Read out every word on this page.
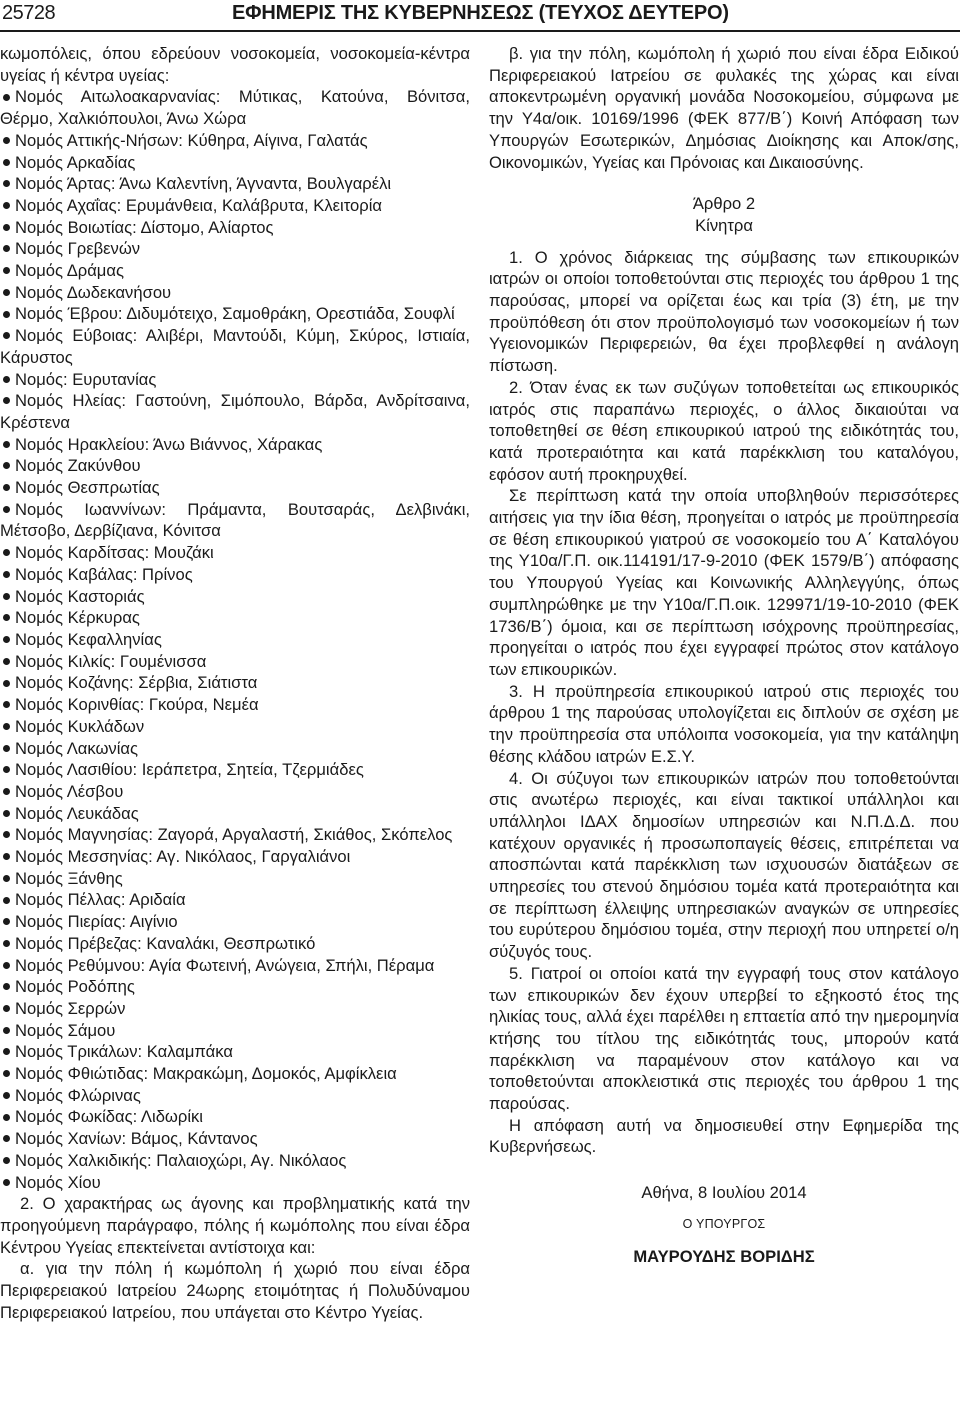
25728	ΕΦΗΜΕΡΙΣ ΤΗΣ ΚΥΒΕΡΝΗΣΕΩΣ (ΤΕΥΧΟΣ ΔΕΥΤΕΡΟ)

κωμοπόλεις, όπου εδρεύουν νοσοκομεία, νοσοκομεία-κέντρα υγείας ή κέντρα υγείας:

Νομός Αιτωλοακαρνανίας: Μύτικας, Κατούνα, Βόνιτσα, Θέρμο, Χαλκιόπουλοι, Άνω Χώρα

Νομός Αττικής-Νήσων: Κύθηρα, Αίγινα, Γαλατάς

Νομός Αρκαδίας

Νομός Άρτας: Άνω Καλεντίνη, Άγναντα, Βουλγαρέλι

Νομός Αχαΐας: Ερυμάνθεια, Καλάβρυτα, Κλειτορία

Νομός Βοιωτίας: Δίστομο, Αλίαρτος

Νομός Γρεβενών

Νομός Δράμας

Νομός Δωδεκανήσου

Νομός Έβρου: Διδυμότειχο, Σαμοθράκη, Ορεστιάδα, Σουφλί

Νομός Εύβοιας: Αλιβέρι, Μαντούδι, Κύμη, Σκύρος, Ιστιαία, Κάρυστος

Νομός: Ευρυτανίας

Νομός Ηλείας: Γαστούνη, Σιμόπουλο, Βάρδα, Ανδρίτσαινα, Κρέστενα

Νομός Ηρακλείου: Άνω Βιάννος, Χάρακας

Νομός Ζακύνθου

Νομός Θεσπρωτίας

Νομός Ιωαννίνων: Πράμαντα, Βουτσαράς, Δελβινάκι, Μέτσοβο, Δερβίζιανα, Κόνιτσα

Νομός Καρδίτσας: Μουζάκι

Νομός Καβάλας: Πρίνος

Νομός Καστοριάς

Νομός Κέρκυρας

Νομός Κεφαλληνίας

Νομός Κιλκίς: Γουμένισσα

Νομός Κοζάνης: Σέρβια, Σιάτιστα

Νομός Κορινθίας: Γκούρα, Νεμέα

Νομός Κυκλάδων

Νομός Λακωνίας

Νομός Λασιθίου: Ιεράπετρα, Σητεία, Τζερμιάδες

Νομός Λέσβου

Νομός Λευκάδας

Νομός Μαγνησίας: Ζαγορά, Αργαλαστή, Σκιάθος, Σκόπελος

Νομός Μεσσηνίας: Αγ. Νικόλαος, Γαργαλιάνοι

Νομός Ξάνθης

Νομός Πέλλας: Αριδαία

Νομός Πιερίας: Αιγίνιο

Νομός Πρέβεζας: Καναλάκι, Θεσπρωτικό

Νομός Ρεθύμνου: Αγία Φωτεινή, Ανώγεια, Σπήλι, Πέραμα

Νομός Ροδόπης

Νομός Σερρών

Νομός Σάμου

Νομός Τρικάλων: Καλαμπάκα

Νομός Φθιώτιδας: Μακρακώμη, Δομοκός, Αμφίκλεια

Νομός Φλώρινας

Νομός Φωκίδας: Λιδωρίκι

Νομός Χανίων: Βάμος, Κάντανος

Νομός Χαλκιδικής: Παλαιοχώρι, Αγ. Νικόλαος

Νομός Χίου

2. Ο χαρακτήρας ως άγονης και προβληματικής κατά την προηγούμενη παράγραφο, πόλης ή κωμόπολης που είναι έδρα Κέντρου Υγείας επεκτείνεται αντίστοιχα και:

α. για την πόλη ή κωμόπολη ή χωριό που είναι έδρα Περιφερειακού Ιατρείου 24ωρης ετοιμότητας ή Πολυδύναμου Περιφερειακού Ιατρείου, που υπάγεται στο Κέντρο Υγείας.

β. για την πόλη, κωμόπολη ή χωριό που είναι έδρα Ειδικού Περιφερειακού Ιατρείου σε φυλακές της χώρας και είναι αποκεντρωμένη οργανική μονάδα Νοσοκομείου, σύμφωνα με την Υ4α/οικ. 10169/1996 (ΦΕΚ 877/Β΄) Κοινή Απόφαση των Υπουργών Εσωτερικών, Δημόσιας Διοίκησης και Αποκ/σης, Οικονομικών, Υγείας και Πρόνοιας και Δικαιοσύνης.

Άρθρο 2

Κίνητρα

1. Ο χρόνος διάρκειας της σύμβασης των επικουρικών ιατρών οι οποίοι τοποθετούνται στις περιοχές του άρθρου 1 της παρούσας, μπορεί να ορίζεται έως και τρία (3) έτη, με την προϋπόθεση ότι στον προϋπολογισμό των νοσοκομείων ή των Υγειονομικών Περιφερειών, θα έχει προβλεφθεί η ανάλογη πίστωση.

2. Όταν ένας εκ των συζύγων τοποθετείται ως επικουρικός ιατρός στις παραπάνω περιοχές, ο άλλος δικαιούται να τοποθετηθεί σε θέση επικουρικού ιατρού της ειδικότητάς του, κατά προτεραιότητα και κατά παρέκκλιση του καταλόγου, εφόσον αυτή προκηρυχθεί.

Σε περίπτωση κατά την οποία υποβληθούν περισσότερες αιτήσεις για την ίδια θέση, προηγείται ο ιατρός με προϋπηρεσία σε θέση επικουρικού γιατρού σε νοσοκομείο του Α΄ Καταλόγου της Υ10α/Γ.Π. οικ.114191/17-9-2010 (ΦΕΚ 1579/Β΄) απόφασης του Υπουργού Υγείας και Κοινωνικής Αλληλεγγύης, όπως συμπληρώθηκε με την Υ10α/Γ.Π.οικ. 129971/19-10-2010 (ΦΕΚ 1736/Β΄) όμοια, και σε περίπτωση ισόχρονης προϋπηρεσίας, προηγείται ο ιατρός που έχει εγγραφεί πρώτος στον κατάλογο των επικουρικών.

3. Η προϋπηρεσία επικουρικού ιατρού στις περιοχές του άρθρου 1 της παρούσας υπολογίζεται εις διπλούν σε σχέση με την προϋπηρεσία στα υπόλοιπα νοσοκομεία, για την κατάληψη θέσης κλάδου ιατρών Ε.Σ.Υ.

4. Οι σύζυγοι των επικουρικών ιατρών που τοποθετούνται στις ανωτέρω περιοχές, και είναι τακτικοί υπάλληλοι και υπάλληλοι ΙΔΑΧ δημοσίων υπηρεσιών και Ν.Π.Δ.Δ. που κατέχουν οργανικές ή προσωποπαγείς θέσεις, επιτρέπεται να αποσπώνται κατά παρέκκλιση των ισχυουσών διατάξεων σε υπηρεσίες του στενού δημόσιου τομέα κατά προτεραιότητα και σε περίπτωση έλλειψης υπηρεσιακών αναγκών σε υπηρεσίες του ευρύτερου δημόσιου τομέα, στην περιοχή που υπηρετεί ο/η σύζυγός τους.

5. Γιατροί οι οποίοι κατά την εγγραφή τους στον κατάλογο των επικουρικών δεν έχουν υπερβεί το εξηκοστό έτος της ηλικίας τους, αλλά έχει παρέλθει η επταετία από την ημερομηνία κτήσης του τίτλου της ειδικότητάς τους, μπορούν κατά παρέκκλιση να παραμένουν στον κατάλογο και να τοποθετούνται αποκλειστικά στις περιοχές του άρθρου 1 της παρούσας.

Η απόφαση αυτή να δημοσιευθεί στην Εφημερίδα της Κυβερνήσεως.

Αθήνα, 8 Ιουλίου 2014

Ο ΥΠΟΥΡΓΟΣ

ΜΑΥΡΟΥΔΗΣ ΒΟΡΙΔΗΣ
